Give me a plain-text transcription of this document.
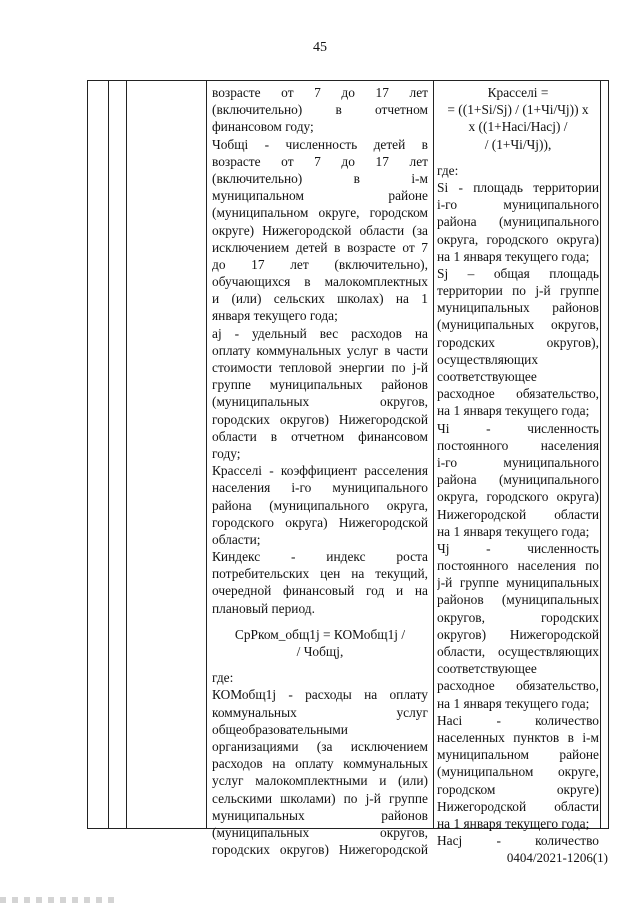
45
возрасте от 7 до 17 лет
(включительно) в отчетном
финансовом году;
Чобщі - численность детей в
возрасте от 7 до 17 лет
(включительно) в i-м
муниципальном районе
(муниципальном округе, городском
округе) Нижегородской области (за
исключением детей в возрасте от 7
до 17 лет (включительно),
обучающихся в малокомплектных
и (или) сельских школах) на 1
января текущего года;
aj - удельный вес расходов на
оплату коммунальных услуг в части
стоимости тепловой энергии по j-й
группе муниципальных районов
(муниципальных округов,
городских округов) Нижегородской
области в отчетном финансовом
году;
Красселі - коэффициент расселения
населения i-го муниципального
района (муниципального округа,
городского округа) Нижегородской
области;
Киндекс - индекс роста
потребительских цен на текущий,
очередной финансовый год и на
плановый период.
СрРком_общ1j = КОМобщ1j /
/ Чобщj,
где:
КОМобщ1j - расходы на оплату
коммунальных услуг
общеобразовательными
организациями (за исключением
расходов на оплату коммунальных
услуг малокомплектными и (или)
сельскими школами) по j-й группе
муниципальных районов
(муниципальных округов,
городских округов) Нижегородской
Красселі =
= ((1+Si/Sj) / (1+Чi/Чj)) x
x ((1+Насі/Насj) /
/ (1+Чi/Чj)),
где:
Si - площадь территории
i-го муниципального
района (муниципального
округа, городского округа)
на 1 января текущего года;
Sj – общая площадь
территории по j-й группе
муниципальных районов
(муниципальных округов,
городских округов),
осуществляющих
соответствующее
расходное обязательство,
на 1 января текущего года;
Чi - численность
постоянного населения
i-го муниципального
района (муниципального
округа, городского округа)
Нижегородской области
на 1 января текущего года;
Чj - численность
постоянного населения по
j-й группе муниципальных
районов (муниципальных
округов, городских
округов) Нижегородской
области, осуществляющих
соответствующее
расходное обязательство,
на 1 января текущего года;
Насі - количество
населенных пунктов в i-м
муниципальном районе
(муниципальном округе,
городском округе)
Нижегородской области
на 1 января текущего года;
Насj - количество
0404/2021-1206(1)
